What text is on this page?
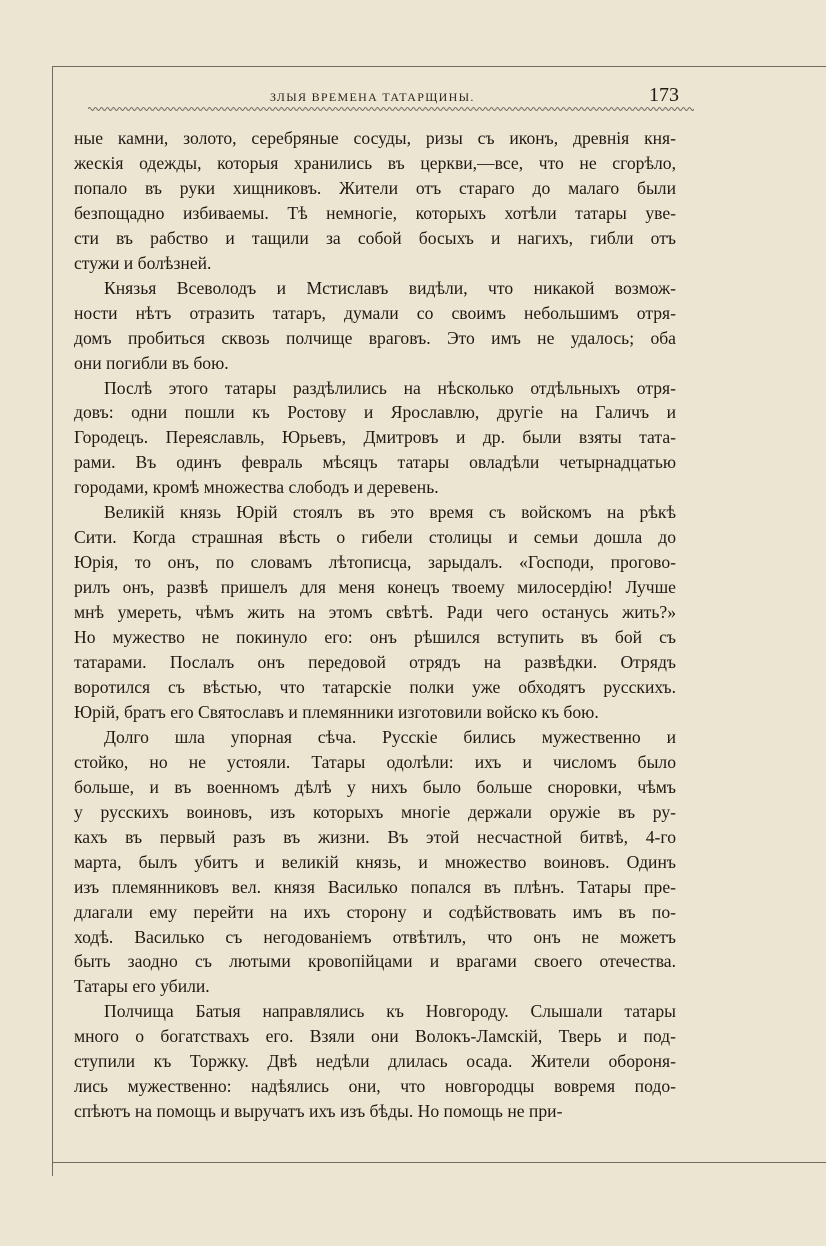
ЗЛЫЯ ВРЕМЕНА ТАТАРЩИНЫ.	173
ные камни, золото, серебряные сосуды, ризы съ иконъ, древнія кня-
жескія одежды, которыя хранились въ церкви,—все, что не сгорѣло,
попало въ руки хищниковъ. Жители отъ стараго до малаго были
безпощадно избиваемы. Тѣ немногіе, которыхъ хотѣли татары уве-
сти въ рабство и тащили за собой босыхъ и нагихъ, гибли отъ
стужи и болѣзней.
Князья Всеволодъ и Мстиславъ видѣли, что никакой возмож-
ности нѣтъ отразить татаръ, думали со своимъ небольшимъ отря-
домъ пробиться сквозь полчище враговъ. Это имъ не удалось; оба
они погибли въ бою.
Послѣ этого татары раздѣлились на нѣсколько отдѣльныхъ отря-
довъ: одни пошли къ Ростову и Ярославлю, другіе на Галичъ и
Городецъ. Переяславль, Юрьевъ, Дмитровъ и др. были взяты тата-
рами. Въ одинъ февраль мѣсяцъ татары овладѣли четырнадцатью
городами, кромѣ множества слободъ и деревень.
Великій князь Юрій стоялъ въ это время съ войскомъ на рѣкѣ
Сити. Когда страшная вѣсть о гибели столицы и семьи дошла до
Юрія, то онъ, по словамъ лѣтописца, зарыдалъ. «Господи, прогово-
рилъ онъ, развѣ пришелъ для меня конецъ твоему милосердію! Лучше
мнѣ умереть, чѣмъ жить на этомъ свѣтѣ. Ради чего останусь жить?»
Но мужество не покинуло его: онъ рѣшился вступить въ бой съ
татарами. Послалъ онъ передовой отрядъ на развѣдки. Отрядъ
воротился съ вѣстью, что татарскіе полки уже обходятъ русскихъ.
Юрій, братъ его Святославъ и племянники изготовили войско къ бою.
Долго шла упорная сѣча. Русскіе бились мужественно и
стойко, но не устояли. Татары одолѣли: ихъ и числомъ было
больше, и въ военномъ дѣлѣ у нихъ было больше сноровки, чѣмъ
у русскихъ воиновъ, изъ которыхъ многіе держали оружіе въ ру-
кахъ въ первый разъ въ жизни. Въ этой несчастной битвѣ, 4-го
марта, былъ убитъ и великій князь, и множество воиновъ. Одинъ
изъ племянниковъ вел. князя Василько попался въ плѣнъ. Татары пре-
длагали ему перейти на ихъ сторону и содѣйствовать имъ въ по-
ходѣ. Василько съ негодованіемъ отвѣтилъ, что онъ не можетъ
быть заодно съ лютыми кровопійцами и врагами своего отечества.
Татары его убили.
Полчища Батыя направлялись къ Новгороду. Слышали татары
много о богатствахъ его. Взяли они Волокъ-Ламскій, Тверь и под-
ступили къ Торжку. Двѣ недѣли длилась осада. Жители обороня-
лись мужественно: надѣялись они, что новгородцы вовремя подо-
спѣютъ на помощь и выручатъ ихъ изъ бѣды. Но помощь не при-
